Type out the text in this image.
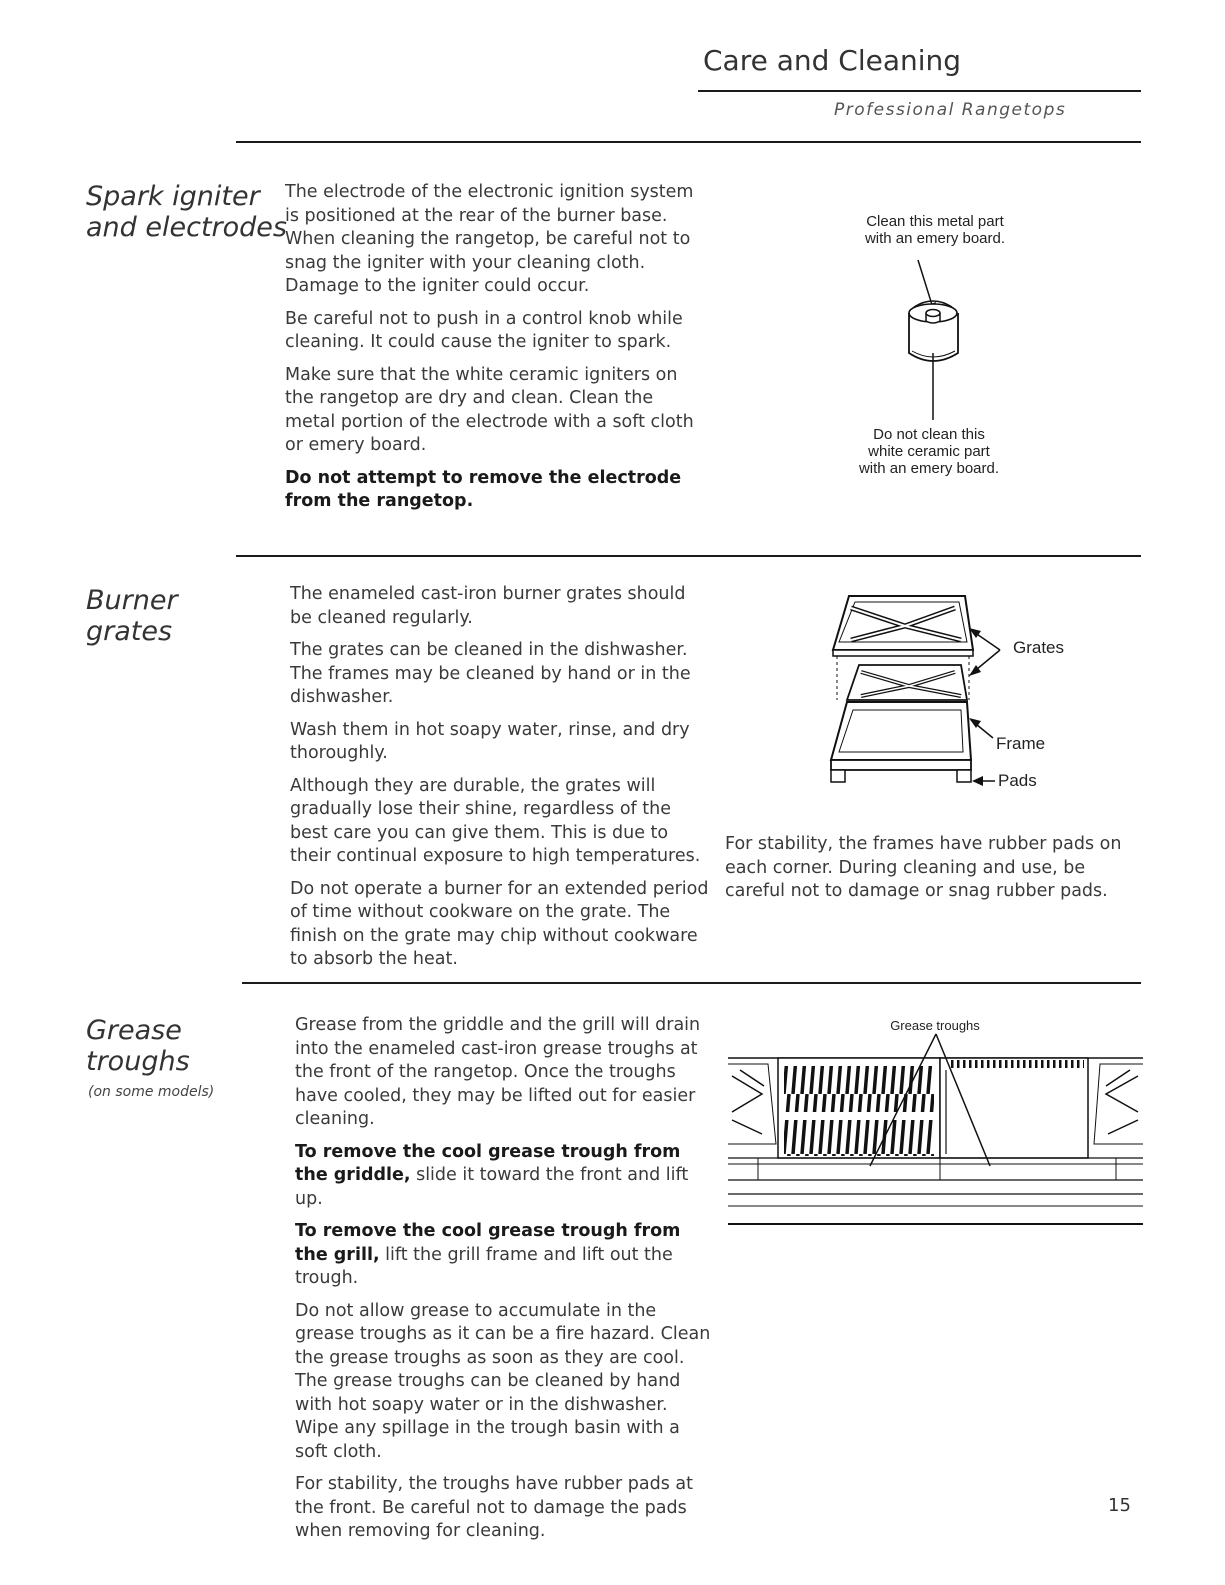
Care and Cleaning
Professional Rangetops
Spark igniter
and electrodes

The electrode of the electronic ignition system is positioned at the rear of the burner base. When cleaning the rangetop, be careful not to snag the igniter with your cleaning cloth. Damage to the igniter could occur.

Be careful not to push in a control knob while cleaning. It could cause the igniter to spark.

Make sure that the white ceramic igniters on the rangetop are dry and clean. Clean the metal portion of the electrode with a soft cloth or emery board.

Do not attempt to remove the electrode from the rangetop.

Clean this metal part
with an emery board.
Do not clean this
white ceramic part
with an emery board.
Burner
grates

The enameled cast-iron burner grates should be cleaned regularly.

The grates can be cleaned in the dishwasher. The frames may be cleaned by hand or in the dishwasher.

Wash them in hot soapy water, rinse, and dry thoroughly.

Although they are durable, the grates will gradually lose their shine, regardless of the best care you can give them. This is due to their continual exposure to high temperatures.

Do not operate a burner for an extended period of time without cookware on the grate. The finish on the grate may chip without cookware to absorb the heat.

Grates
Frame
Pads
For stability, the frames have rubber pads on each corner. During cleaning and use, be careful not to damage or snag rubber pads.
Grease
troughs
(on some models)

Grease from the griddle and the grill will drain into the enameled cast-iron grease troughs at the front of the rangetop. Once the troughs have cooled, they may be lifted out for easier cleaning.

To remove the cool grease trough from the griddle, slide it toward the front and lift up.

To remove the cool grease trough from the grill, lift the grill frame and lift out the trough.

Do not allow grease to accumulate in the grease troughs as it can be a fire hazard. Clean the grease troughs as soon as they are cool. The grease troughs can be cleaned by hand with hot soapy water or in the dishwasher. Wipe any spillage in the trough basin with a soft cloth.

For stability, the troughs have rubber pads at the front. Be careful not to damage the pads when removing for cleaning.

Grease troughs
15
